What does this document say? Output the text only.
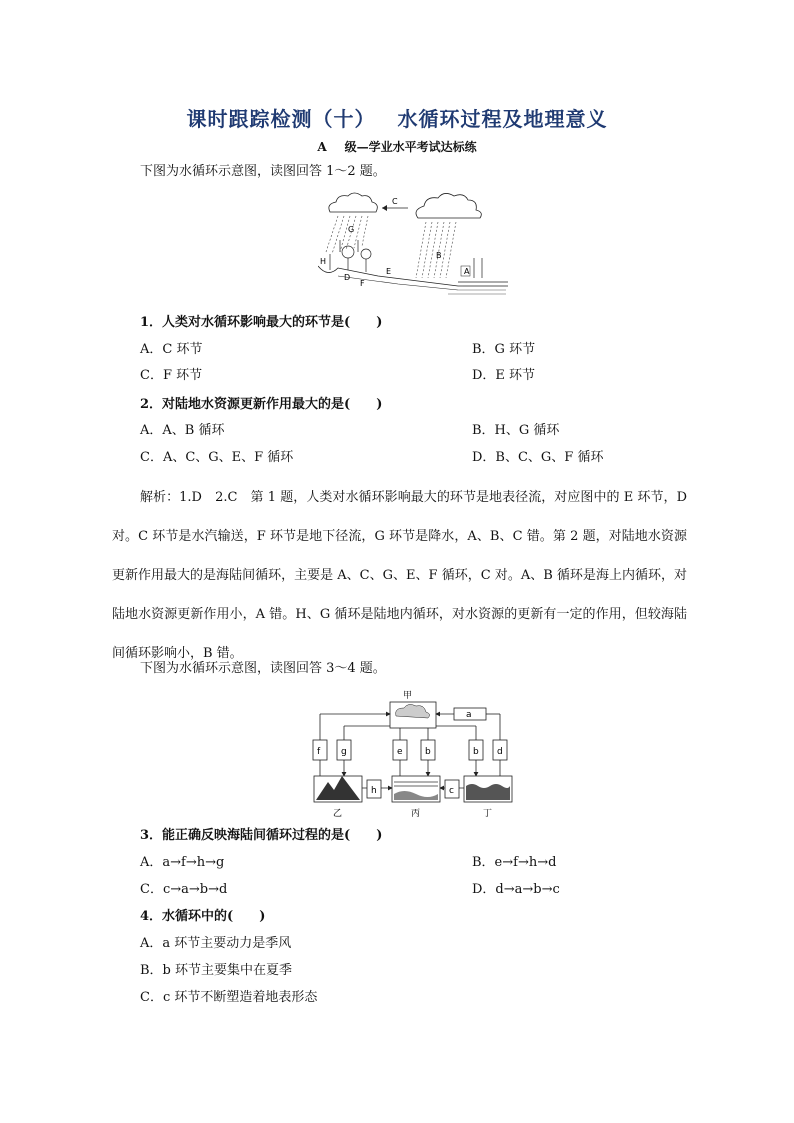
课时跟踪检测（十） 水循环过程及地理意义
A 级—学业水平考试达标练
下图为水循环示意图，读图回答 1～2 题。
C
B
G
H
A
D
F
E
1．人类对水循环影响最大的环节是(　　)
A．C 环节	B．G 环节
C．F 环节	D．E 环节
2．对陆地水资源更新作用最大的是(　　)
A．A、B 循环	B．H、G 循环
C．A、C、G、E、F 循环	D．B、C、G、F 循环
解析：1.D　2.C　第 1 题，人类对水循环影响最大的环节是地表径流，对应图中的 E 环节，D 对。C 环节是水汽输送，F 环节是地下径流，G 环节是降水，A、B、C 错。第 2 题，对陆地水资源更新作用最大的是海陆间循环，主要是 A、C、G、E、F 循环，C 对。A、B 循环是海上内循环，对陆地水资源更新作用小，A 错。H、G 循环是陆地内循环，对水资源的更新有一定的作用，但较海陆间循环影响小，B 错。
下图为水循环示意图，读图回答 3～4 题。
甲
a
f g	e b	b d
h	c
乙	丙	丁
3．能正确反映海陆间循环过程的是(　　)
A．a→f→h→g	B．e→f→h→d
C．c→a→b→d	D．d→a→b→c
4．水循环中的(　　)
A．a 环节主要动力是季风
B．b 环节主要集中在夏季
C．c 环节不断塑造着地表形态
